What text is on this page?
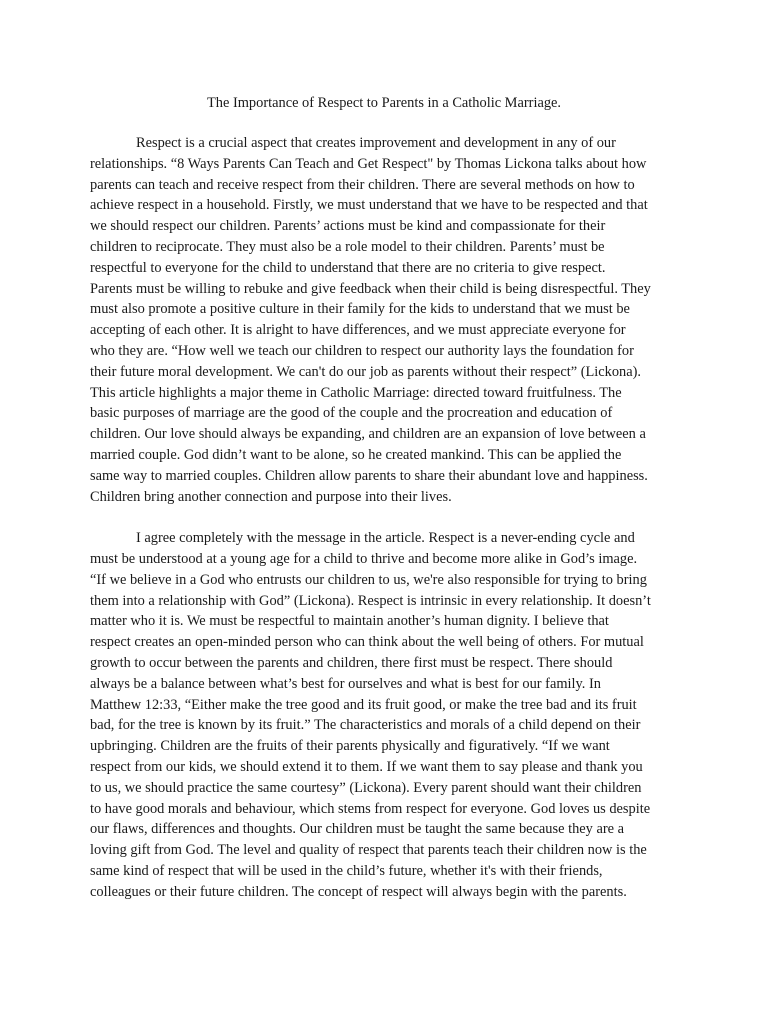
The Importance of Respect to Parents in a Catholic Marriage.

Respect is a crucial aspect that creates improvement and development in any of our
relationships. “8 Ways Parents Can Teach and Get Respect" by Thomas Lickona talks about how
parents can teach and receive respect from their children. There are several methods on how to
achieve respect in a household. Firstly, we must understand that we have to be respected and that
we should respect our children. Parents’ actions must be kind and compassionate for their
children to reciprocate. They must also be a role model to their children. Parents’ must be
respectful to everyone for the child to understand that there are no criteria to give respect.
Parents must be willing to rebuke and give feedback when their child is being disrespectful. They
must also promote a positive culture in their family for the kids to understand that we must be
accepting of each other. It is alright to have differences, and we must appreciate everyone for
who they are. “How well we teach our children to respect our authority lays the foundation for
their future moral development. We can't do our job as parents without their respect” (Lickona).
This article highlights a major theme in Catholic Marriage: directed toward fruitfulness. The
basic purposes of marriage are the good of the couple and the procreation and education of
children. Our love should always be expanding, and children are an expansion of love between a
married couple. God didn’t want to be alone, so he created mankind. This can be applied the
same way to married couples. Children allow parents to share their abundant love and happiness.
Children bring another connection and purpose into their lives.

I agree completely with the message in the article. Respect is a never-ending cycle and
must be understood at a young age for a child to thrive and become more alike in God’s image.
“If we believe in a God who entrusts our children to us, we're also responsible for trying to bring
them into a relationship with God” (Lickona). Respect is intrinsic in every relationship. It doesn’t
matter who it is. We must be respectful to maintain another’s human dignity. I believe that
respect creates an open-minded person who can think about the well being of others. For mutual
growth to occur between the parents and children, there first must be respect. There should
always be a balance between what’s best for ourselves and what is best for our family. In
Matthew 12:33, “Either make the tree good and its fruit good, or make the tree bad and its fruit
bad, for the tree is known by its fruit.” The characteristics and morals of a child depend on their
upbringing. Children are the fruits of their parents physically and figuratively. “If we want
respect from our kids, we should extend it to them. If we want them to say please and thank you
to us, we should practice the same courtesy” (Lickona). Every parent should want their children
to have good morals and behaviour, which stems from respect for everyone. God loves us despite
our flaws, differences and thoughts. Our children must be taught the same because they are a
loving gift from God. The level and quality of respect that parents teach their children now is the
same kind of respect that will be used in the child’s future, whether it's with their friends,
colleagues or their future children. The concept of respect will always begin with the parents.
